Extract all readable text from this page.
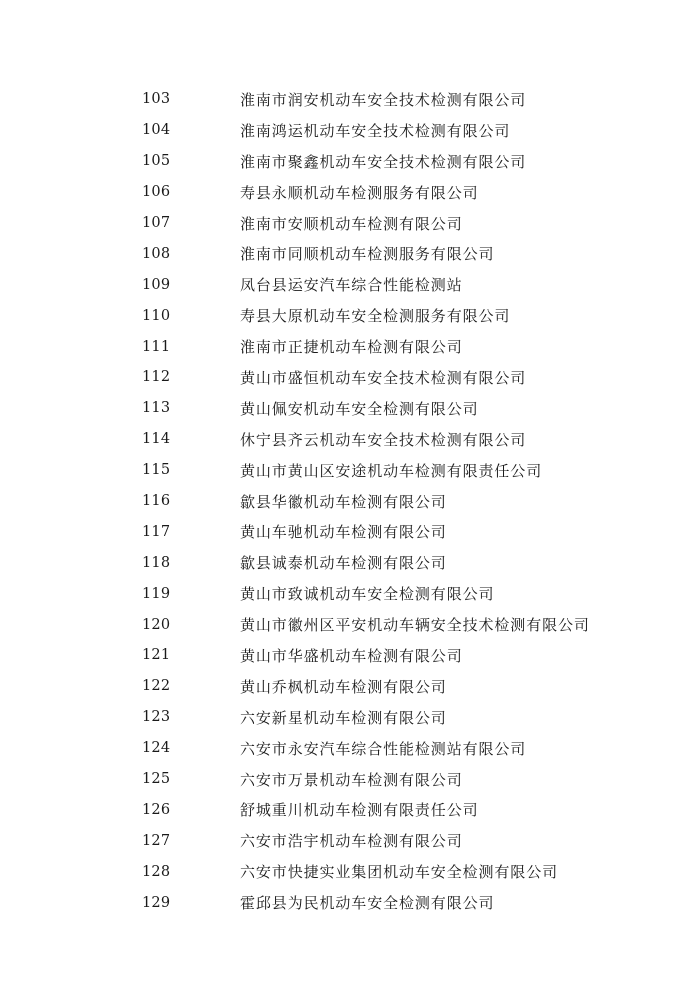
103	淮南市润安机动车安全技术检测有限公司
104	淮南鸿运机动车安全技术检测有限公司
105	淮南市聚鑫机动车安全技术检测有限公司
106	寿县永顺机动车检测服务有限公司
107	淮南市安顺机动车检测有限公司
108	淮南市同顺机动车检测服务有限公司
109	凤台县运安汽车综合性能检测站
110	寿县大原机动车安全检测服务有限公司
111	淮南市正捷机动车检测有限公司
112	黄山市盛恒机动车安全技术检测有限公司
113	黄山佩安机动车安全检测有限公司
114	休宁县齐云机动车安全技术检测有限公司
115	黄山市黄山区安途机动车检测有限责任公司
116	歙县华徽机动车检测有限公司
117	黄山车驰机动车检测有限公司
118	歙县诚泰机动车检测有限公司
119	黄山市致诚机动车安全检测有限公司
120	黄山市徽州区平安机动车辆安全技术检测有限公司
121	黄山市华盛机动车检测有限公司
122	黄山乔枫机动车检测有限公司
123	六安新星机动车检测有限公司
124	六安市永安汽车综合性能检测站有限公司
125	六安市万景机动车检测有限公司
126	舒城重川机动车检测有限责任公司
127	六安市浩宇机动车检测有限公司
128	六安市快捷实业集团机动车安全检测有限公司
129	霍邱县为民机动车安全检测有限公司
